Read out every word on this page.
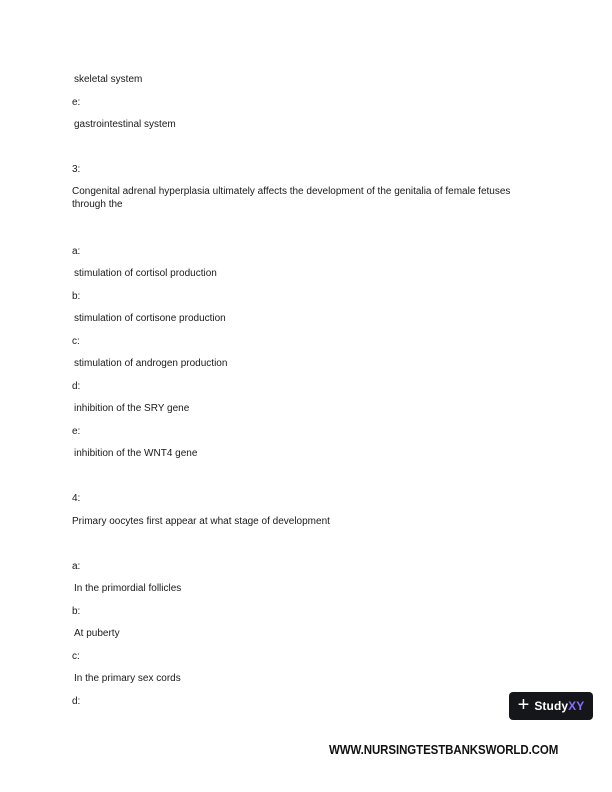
skeletal system
e:
gastrointestinal system
3:
Congenital adrenal hyperplasia ultimately affects the development of the genitalia of female fetuses through the
a:
stimulation of cortisol production
b:
stimulation of cortisone production
c:
stimulation of androgen production
d:
inhibition of the SRY gene
e:
inhibition of the WNT4 gene
4:
Primary oocytes first appear at what stage of development
a:
In the primordial follicles
b:
At puberty
c:
In the primary sex cords
d:	+ StudyXY
WWW.NURSINGTESTBANKSWORLD.COM
